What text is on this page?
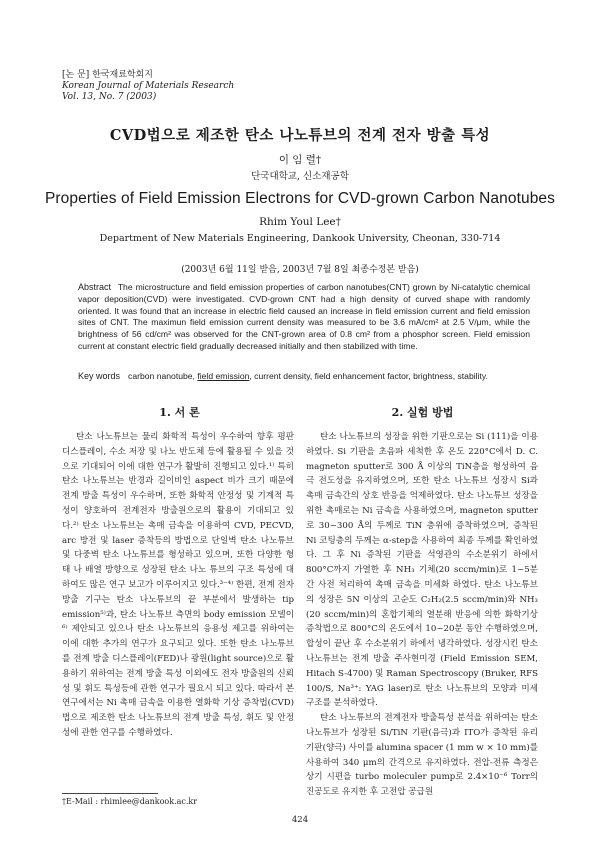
[논 문] 한국재료학회지
Korean Journal of Materials Research
Vol. 13, No. 7 (2003)
CVD법으로 제조한 탄소 나노튜브의 전계 전자 방출 특성
이 임 렬†
단국대학교, 신소재공학
Properties of Field Emission Electrons for CVD-grown Carbon Nanotubes
Rhim Youl Lee†
Department of New Materials Engineering, Dankook University, Cheonan, 330-714
(2003년 6월 11일 받음, 2003년 7월 8일 최종수정본 받음)
Abstract The microstructure and field emission properties of carbon nanotubes(CNT) grown by Ni-catalytic chemical vapor deposition(CVD) were investigated. CVD-grown CNT had a high density of curved shape with randomly oriented. It was found that an increase in electric field caused an increase in field emission current and field emission sites of CNT. The maximun field emission current density was measured to be 3.6 mA/cm² at 2.5 V/μm, while the brightness of 56 cd/cm² was observed for the CNT-grown area of 0.8 cm² from a phosphor screen. Field emission current at constant electric field gradually decreased initially and then stabilized with time.
Key words carbon nanotube, field emission, current density, field enhancement factor, brightness, stability.
1. 서 론	2. 실험 방법

탄소 나노튜브는 물리 화학적 특성이 우수하여 향후 평판 디스플레이, 수소 저장 및 나노 반도체 등에 활용될 수 있을 것으로 기대되어 이에 대한 연구가 활발히 진행되고 있다.¹⁾ 특히 탄소 나노튜브는 반경과 길이비인 aspect 비가 크기 때문에 전계 방출 특성이 우수하며, 또한 화학적 안정성 및 기계적 특성이 양호하여 전계전자 방출원으로의 활용이 기대되고 있다.²⁾ 탄소 나노튜브는 촉매 금속을 이용하여 CVD, PECVD, arc 방전 및 laser 증착등의 방법으로 단일벽 탄소 나노튜브 및 다중벽 탄소 나노튜브를 형성하고 있으며, 또한 다양한 형태 나 배열 방향으로 성장된 탄소 나노 튜브의 구조 특성에 대하여도 많은 연구 보고가 이루어지고 있다.³⁻⁴⁾ 한편, 전계 전자 방출 기구는 탄소 나노튜브의 끝 부분에서 발생하는 tip emission⁵⁾과, 탄소 나노튜브 측면의 body emission 모델이⁶⁾ 제안되고 있으나 탄소 나노튜브의 응용성 제고를 위하여는 이에 대한 추가의 연구가 요구되고 있다. 또한 탄소 나노튜브를 전계 방출 디스플레이(FED)나 광원(light source)으로 활용하기 위하여는 전계 방출 특성 이외에도 전자 방출원의 신뢰성 및 휘도 특성등에 관한 연구가 필요시 되고 있다. 따라서 본 연구에서는 Ni 촉매 금속을 이용한 열화학 기상 증착법(CVD)법으로 제조한 탄소 나노튜브의 전계 방출 특성, 휘도 및 안정성에 관한 연구를 수행하였다.

탄소 나노튜브의 성장을 위한 기판으로는 Si (111)을 이용하였다. Si 기판을 초음파 세척한 후 온도 220°C에서 D. C. magneton sputter로 300 Å 이상의 TiN층을 형성하여 음극 전도성을 유지하였으며, 또한 탄소 나노튜브 성장시 Si과 촉매 금속간의 상호 반응을 억제하였다. 탄소 나노튜브 성장을 위한 촉매로는 Ni 금속을 사용하였으며, magneton sputter로 30~300 Å의 두께로 TiN 층위에 증착하였으며, 증착된 Ni 코팅층의 두께는 α-step을 사용하여 최종 두께를 확인하였다. 그 후 Ni 증착된 기판을 석영관의 수소분위기 하에서 800°C까지 가열한 후 NH₃ 기체(20 sccm/min)로 1~5분 간 사전 처리하여 촉매 금속을 미세화 하였다. 탄소 나노튜브의 성장은 5N 이상의 고순도 C₂H₂(2.5 sccm/min)와 NH₃ (20 sccm/min)의 혼합기체의 열분해 반응에 의한 화학기상 증착법으로 800°C의 온도에서 10~20분 동안 수행하였으며, 합성이 끝난 후 수소분위기 하에서 냉각하였다. 성장시킨 탄소 나노튜브는 전계 방출 주사현미경 (Field Emission SEM, Hitach S-4700) 및 Raman Spectroscopy (Bruker, RFS 100/S, Na³⁺: YAG laser)로 탄소 나노튜브의 모양과 미세 구조를 분석하였다.

탄소 나노튜브의 전계전자 방출특성 분석을 위하여는 탄소 나노튜브가 성장된 Si/TiN 기판(음극)과 ITO가 증착된 유리기판(양극) 사이를 alumina spacer (1 mm w × 10 mm)를 사용하여 340 μm의 간격으로 유지하였다. 전압-전류 측정은 상기 시편을 turbo moleculer pump로 2.4×10⁻⁶ Torr의 진공도로 유지한 후 고전압 공급원

†E-Mail : rhimlee@dankook.ac.kr
424
